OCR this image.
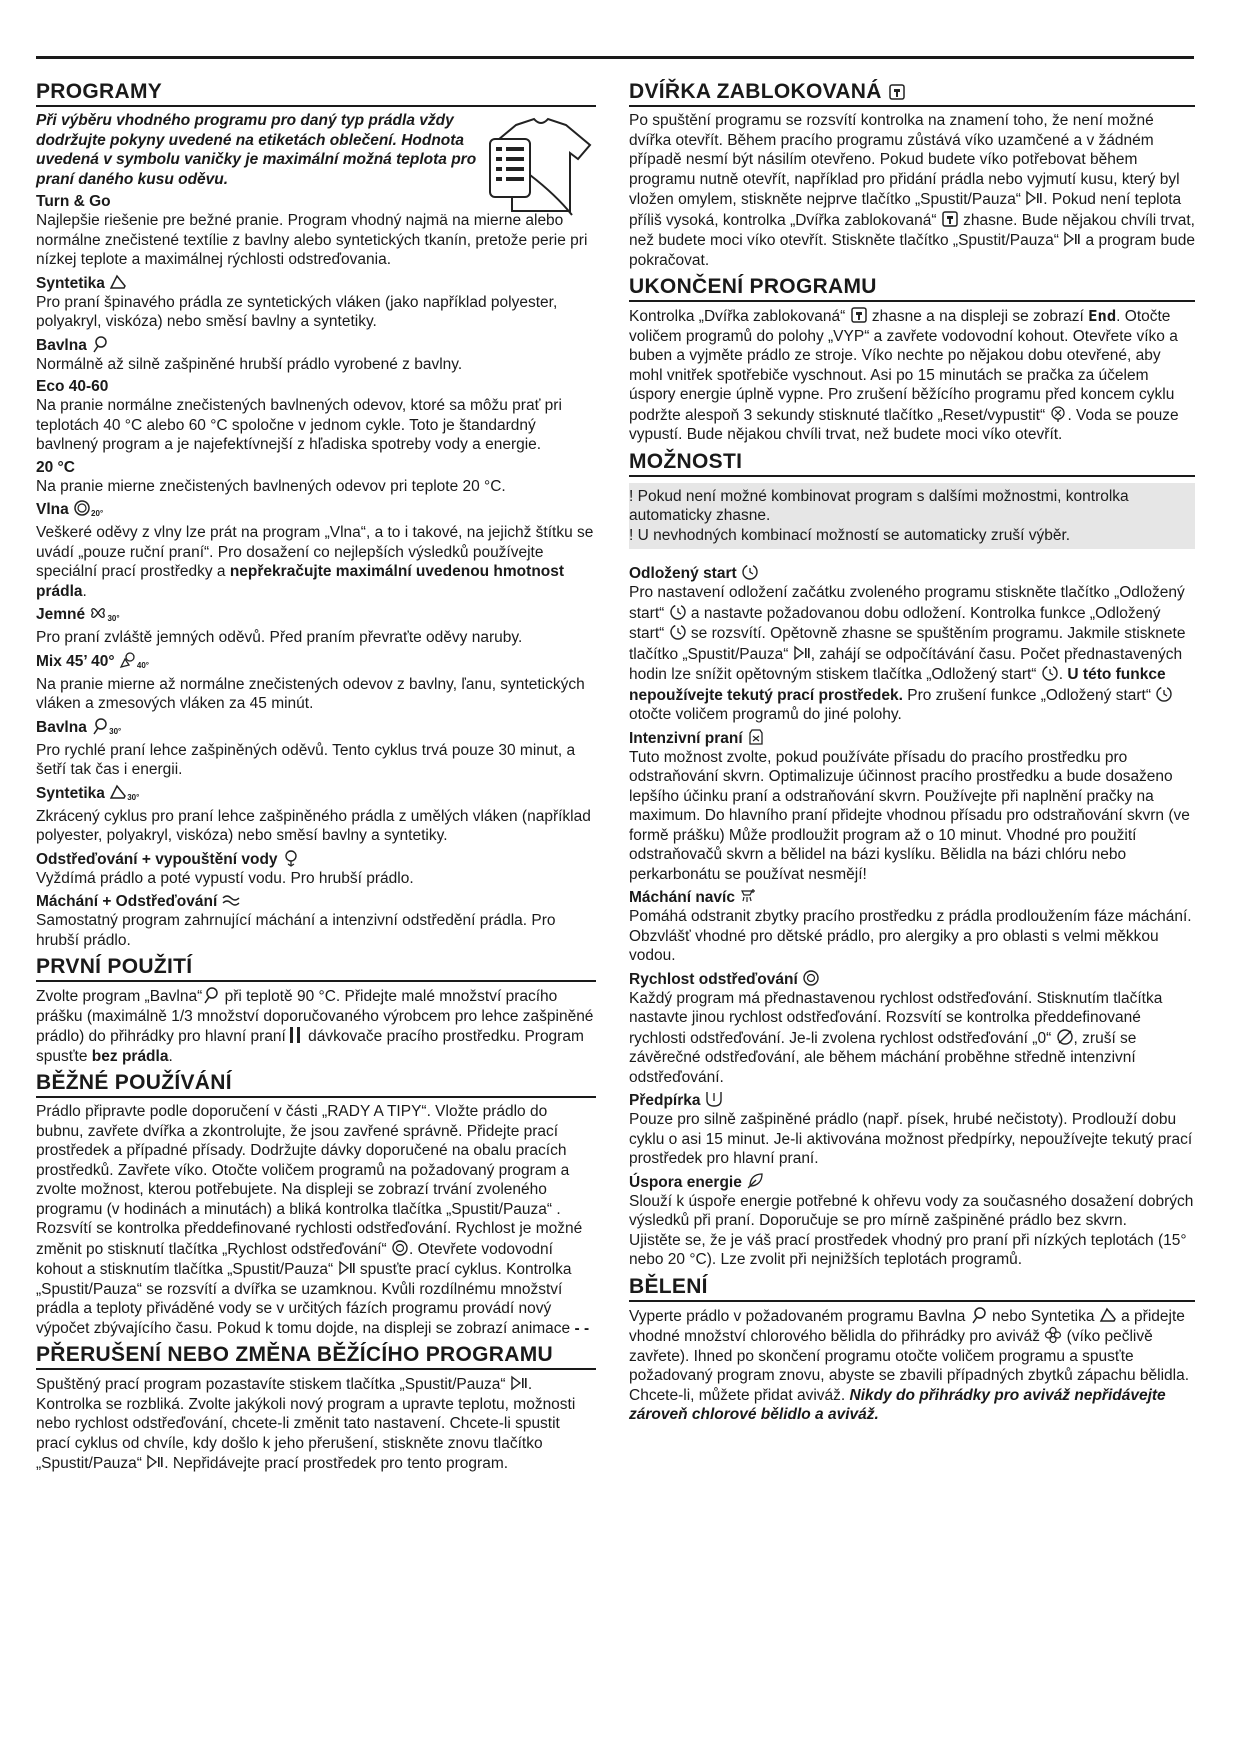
PROGRAMY

Při výběru vhodného programu pro daný typ prádla vždy dodržujte pokyny uvedené na etiketách oblečení. Hodnota uvedená v symbolu vaničky je maximální možná teplota pro praní daného kusu oděvu.

Turn & Go

Najlepšie riešenie pre bežné pranie. Program vhodný najmä na mierne alebo normálne znečistené textílie z bavlny alebo syntetických tkanín, pretože perie pri nízkej teplote a maximálnej rýchlosti odstreďovania.

Syntetika

Pro praní špinavého prádla ze syntetických vláken (jako například polyester, polyakryl, viskóza) nebo směsí bavlny a syntetiky.

Bavlna

Normálně až silně zašpiněné hrubší prádlo vyrobené z bavlny.

Eco 40-60

Na pranie normálne znečistených bavlnených odevov, ktoré sa môžu prať pri teplotách 40 °C alebo 60 °C spoločne v jednom cykle. Toto je štandardný bavlnený program a je najefektívnejší z hľadiska spotreby vody a energie.

20 °C

Na pranie mierne znečistených bavlnených odevov pri teplote 20 °C.

Vlna	$_{20^\circ}$

Veškeré oděvy z vlny lze prát na program „Vlna“, a to i takové, na jejichž štítku se uvádí „pouze ruční praní“. Pro dosažení co nejlepších výsledků používejte speciální prací prostředky a nepřekračujte maximální uvedenou hmotnost prádla.

Jemné	$_{30^\circ}$

Pro praní zvláště jemných oděvů. Před praním převraťte oděvy naruby.

Mix 45’ 40°	$_{40^\circ}$

Na pranie mierne až normálne znečistených odevov z bavlny, ľanu, syntetických vláken a zmesových vláken za 45 minút.

Bavlna	$_{30^\circ}$

Pro rychlé praní lehce zašpiněných oděvů. Tento cyklus trvá pouze 30 minut, a šetří tak čas i energii.

Syntetika	$_{30^\circ}$

Zkrácený cyklus pro praní lehce zašpiněného prádla z umělých vláken (například polyester, polyakryl, viskóza) nebo směsí bavlny a syntetiky.

Odstřeďování + vypouštění vody

Vyždímá prádlo a poté vypustí vodu. Pro hrubší prádlo.

Máchání + Odstřeďování

Samostatný program zahrnující máchání a intenzivní odstředění prádla. Pro hrubší prádlo.

PRVNÍ POUŽITÍ

Zvolte program „Bavlna“ při teplotě 90 °C. Přidejte malé množství pracího prášku (maximálně 1/3 množství doporučovaného výrobcem pro lehce zašpiněné prádlo) do přihrádky pro hlavní praní dávkovače pracího prostředku. Program spusťte bez prádla.

BĚŽNÉ POUŽÍVÁNÍ

Prádlo připravte podle doporučení v části „RADY A TIPY“. Vložte prádlo do bubnu, zavřete dvířka a zkontrolujte, že jsou zavřené správně. Přidejte prací prostředek a případné přísady. Dodržujte dávky doporučené na obalu pracích prostředků. Zavřete víko. Otočte voličem programů na požadovaný program a zvolte možnost, kterou potřebujete. Na displeji se zobrazí trvání zvoleného programu (v hodinách a minutách) a bliká kontrolka tlačítka „Spustit/Pauza“ . Rozsvítí se kontrolka předdefinované rychlosti odstřeďování. Rychlost je možné změnit po stisknutí tlačítka „Rychlost odstřeďování“ . Otevřete vodovodní kohout a stisknutím tlačítka „Spustit/Pauza“  spusťte prací cyklus. Kontrolka „Spustit/Pauza“ se rozsvítí a dvířka se uzamknou. Kvůli rozdílnému množství prádla a teploty přiváděné vody se v určitých fázích programu provádí nový výpočet zbývajícího času. Pokud k tomu dojde, na displeji se zobrazí animace - -

PŘERUŠENÍ NEBO ZMĚNA BĚŽÍCÍHO PROGRAMU

Spuštěný prací program pozastavíte stiskem tlačítka „Spustit/Pauza“ . Kontrolka se rozbliká. Zvolte jakýkoli nový program a upravte teplotu, možnosti nebo rychlost odstřeďování, chcete-li změnit tato nastavení. Chcete-li spustit prací cyklus od chvíle, kdy došlo k jeho přerušení, stiskněte znovu tlačítko „Spustit/Pauza“ . Nepřidávejte prací prostředek pro tento program.

DVÍŘKA ZABLOKOVANÁ

Po spuštění programu se rozsvítí kontrolka na znamení toho, že není možné dvířka otevřít. Během pracího programu zůstává víko uzamčené a v žádném případě nesmí být násilím otevřeno. Pokud budete víko potřebovat během programu nutně otevřít, například pro přidání prádla nebo vyjmutí kusu, který byl vložen omylem, stiskněte nejprve tlačítko „Spustit/Pauza“ . Pokud není teplota příliš vysoká, kontrolka „Dvířka zablokovaná“  zhasne. Bude nějakou chvíli trvat, než budete moci víko otevřít. Stiskněte tlačítko „Spustit/Pauza“  a program bude pokračovat.

UKONČENÍ PROGRAMU

Kontrolka „Dvířka zablokovaná“  zhasne a na displeji se zobrazí End. Otočte voličem programů do polohy „VYP“ a zavřete vodovodní kohout. Otevřete víko a buben a vyjměte prádlo ze stroje. Víko nechte po nějakou dobu otevřené, aby mohl vnitřek spotřebiče vyschnout. Asi po 15 minutách se pračka za účelem úspory energie úplně vypne. Pro zrušení běžícího programu před koncem cyklu podržte alespoň 3 sekundy stisknuté tlačítko „Reset/vypustit“ . Voda se pouze vypustí. Bude nějakou chvíli trvat, než budete moci víko otevřít.

MOŽNOSTI

! Pokud není možné kombinovat program s dalšími možnostmi, kontrolka automaticky zhasne.

! U nevhodných kombinací možností se automaticky zruší výběr.

Odložený start

Pro nastavení odložení začátku zvoleného programu stiskněte tlačítko „Odložený start“  a nastavte požadovanou dobu odložení. Kontrolka funkce „Odložený start“  se rozsvítí. Opětovně zhasne se spuštěním programu. Jakmile stisknete tlačítko „Spustit/Pauza“ , zahájí se odpočítávání času. Počet přednastavených hodin lze snížit opětovným stiskem tlačítka „Odložený start“ . U této funkce nepoužívejte tekutý prací prostředek. Pro zrušení funkce „Odložený start“  otočte voličem programů do jiné polohy.

Intenzivní praní

Tuto možnost zvolte, pokud používáte přísadu do pracího prostředku pro odstraňování skvrn. Optimalizuje účinnost pracího prostředku a bude dosaženo lepšího účinku praní a odstraňování skvrn. Používejte při naplnění pračky na maximum. Do hlavního praní přidejte vhodnou přísadu pro odstraňování skvrn (ve formě prášku) Může prodloužit program až o 10 minut. Vhodné pro použití odstraňovačů skvrn a bělidel na bázi kyslíku. Bělidla na bázi chlóru nebo perkarbonátu se používat nesmějí!

Máchání navíc

Pomáhá odstranit zbytky pracího prostředku z prádla prodloužením fáze máchání. Obzvlášť vhodné pro dětské prádlo, pro alergiky a pro oblasti s velmi měkkou vodou.

Rychlost odstřeďování

Každý program má přednastavenou rychlost odstřeďování. Stisknutím tlačítka nastavte jinou rychlost odstřeďování. Rozsvítí se kontrolka předdefinované rychlosti odstřeďování. Je-li zvolena rychlost odstřeďování „0“ , zruší se závěrečné odstřeďování, ale během máchání proběhne středně intenzivní odstřeďování.

Předpírka

Pouze pro silně zašpiněné prádlo (např. písek, hrubé nečistoty). Prodlouží dobu cyklu o asi 15 minut. Je-li aktivována možnost předpírky, nepoužívejte tekutý prací prostředek pro hlavní praní.

Úspora energie

Slouží k úspoře energie potřebné k ohřevu vody za současného dosažení dobrých výsledků při praní. Doporučuje se pro mírně zašpiněné prádlo bez skvrn.

Ujistěte se, že je váš prací prostředek vhodný pro praní při nízkých teplotách (15° nebo 20 °C). Lze zvolit při nejnižších teplotách programů.

BĚLENÍ

Vyperte prádlo v požadovaném programu Bavlna  nebo Syntetika  a přidejte vhodné množství chlorového bělidla do přihrádky pro aviváž  (víko pečlivě zavřete). Ihned po skončení programu otočte voličem programu a spusťte požadovaný program znovu, abyste se zbavili případných zbytků zápachu bělidla. Chcete-li, můžete přidat aviváž. Nikdy do přihrádky pro aviváž nepřidávejte zároveň chlorové bělidlo a aviváž.
